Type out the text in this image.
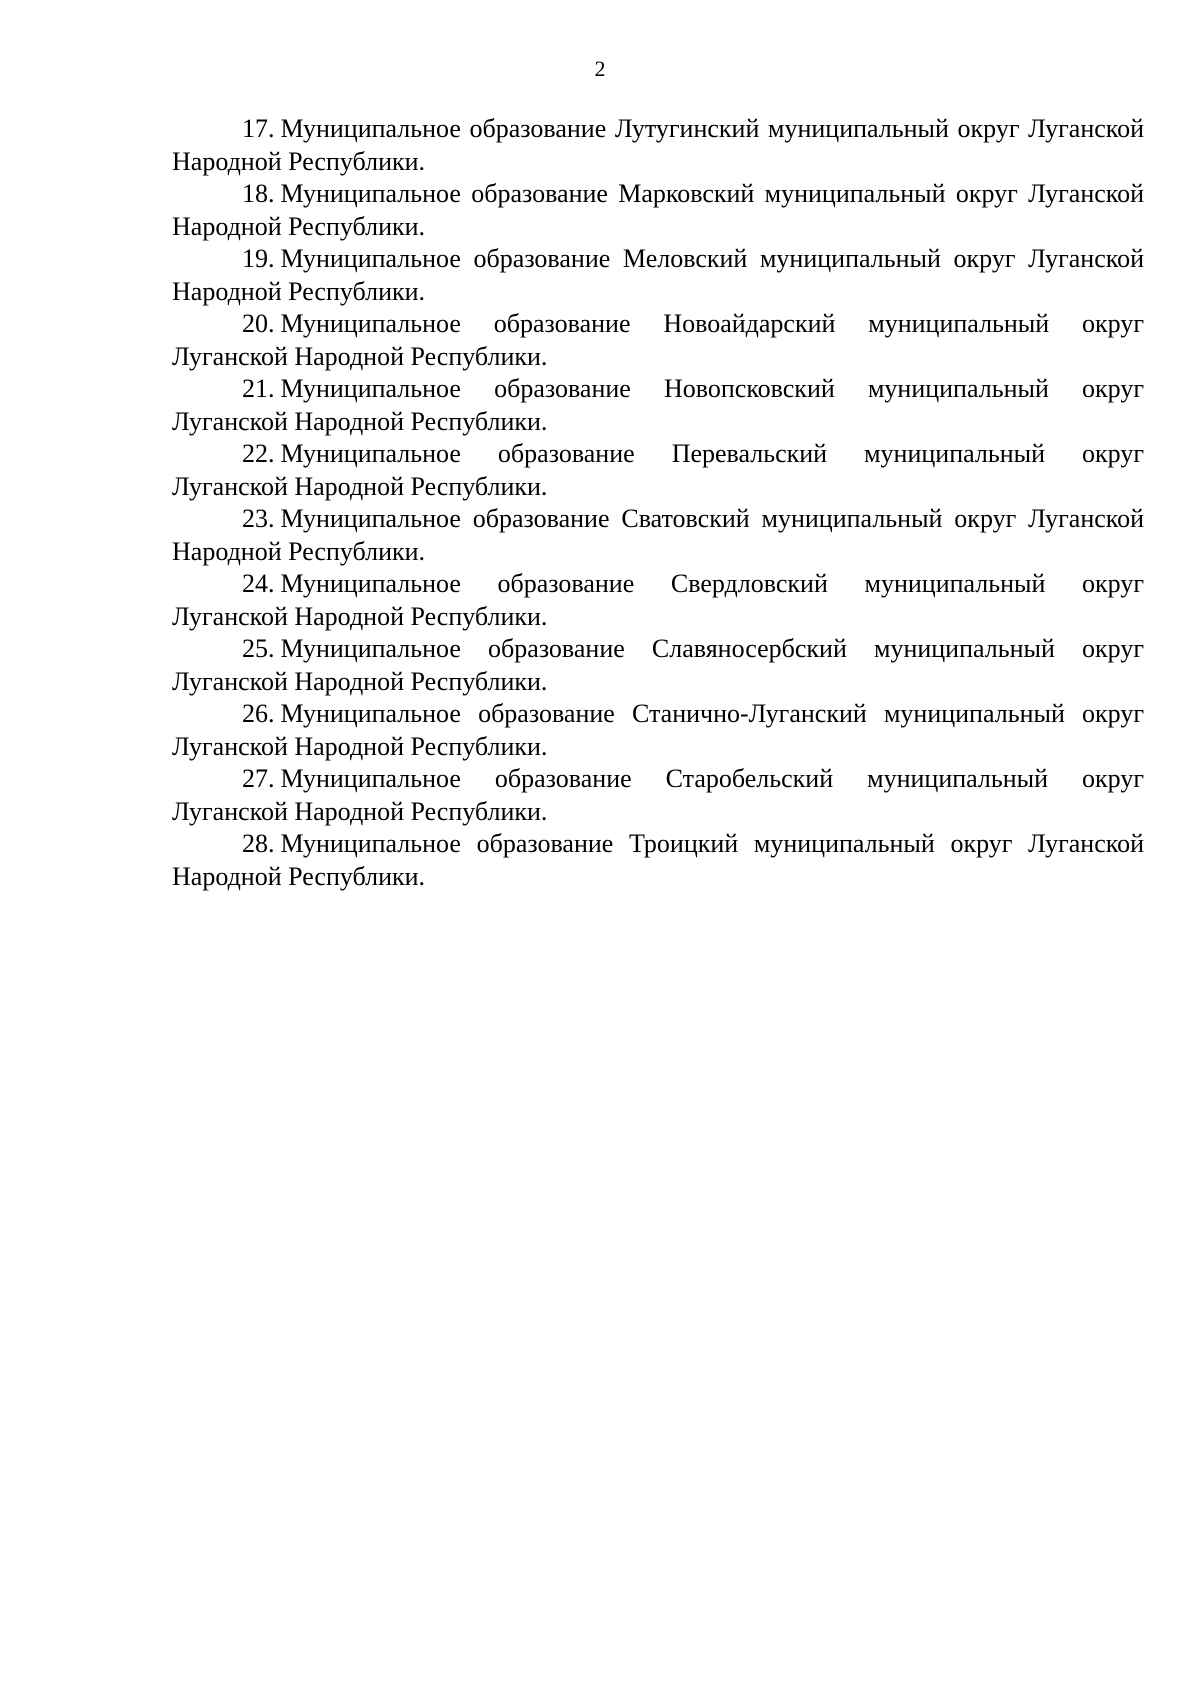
2
17. Муниципальное образование Лутугинский муниципальный округ Луганской Народной Республики.
18. Муниципальное образование Марковский муниципальный округ Луганской Народной Республики.
19. Муниципальное образование Меловский муниципальный округ Луганской Народной Республики.
20. Муниципальное образование Новоайдарский муниципальный округ Луганской Народной Республики.
21. Муниципальное образование Новопсковский муниципальный округ Луганской Народной Республики.
22. Муниципальное образование Перевальский муниципальный округ Луганской Народной Республики.
23. Муниципальное образование Сватовский муниципальный округ Луганской Народной Республики.
24. Муниципальное образование Свердловский муниципальный округ Луганской Народной Республики.
25. Муниципальное образование Славяносербский муниципальный округ Луганской Народной Республики.
26. Муниципальное образование Станично-Луганский муниципальный округ Луганской Народной Республики.
27. Муниципальное образование Старобельский муниципальный округ Луганской Народной Республики.
28. Муниципальное образование Троицкий муниципальный округ Луганской Народной Республики.
